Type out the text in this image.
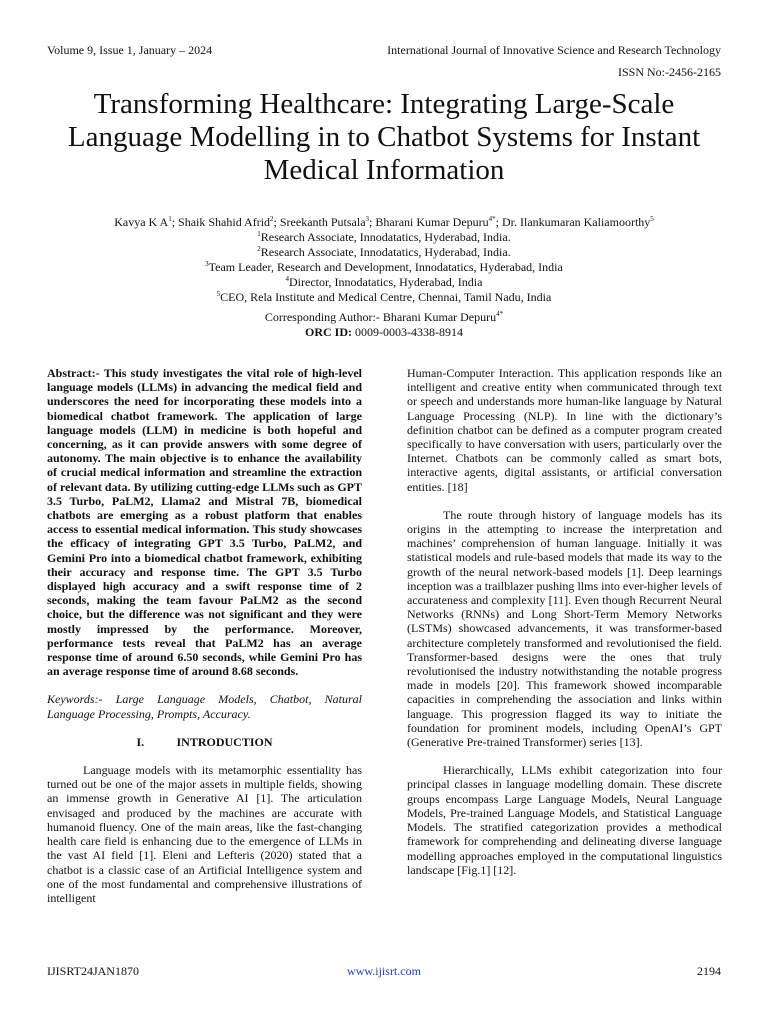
Volume 9, Issue 1, January – 2024	International Journal of Innovative Science and Research Technology
ISSN No:-2456-2165
Transforming Healthcare: Integrating Large-Scale Language Modelling in to Chatbot Systems for Instant Medical Information
Kavya K $A^1$; Shaik Shahid Afrid$^2$; Sreekanth Putsala$^3$; Bharani Kumar Depuru$^{4*}$; Dr. Ilankumaran Kaliamoorthy$^5$
$^1$Research Associate, Innodatatics, Hyderabad, India.
$^2$Research Associate, Innodatatics, Hyderabad, India.
$^3$Team Leader, Research and Development, Innodatatics, Hyderabad, India
$^4$Director, Innodatatics, Hyderabad, India
$^5$CEO, Rela Institute and Medical Centre, Chennai, Tamil Nadu, India
Corresponding Author:- Bharani Kumar Depuru$^{4*}$
ORC ID: 0009-0003-4338-8914

Abstract:- This study investigates the vital role of high-level language models (LLMs) in advancing the medical field and underscores the need for incorporating these models into a biomedical chatbot framework. The application of large language models (LLM) in medicine is both hopeful and concerning, as it can provide answers with some degree of autonomy. The main objective is to enhance the availability of crucial medical information and streamline the extraction of relevant data. By utilizing cutting-edge LLMs such as GPT 3.5 Turbo, PaLM2, Llama2 and Mistral 7B, biomedical chatbots are emerging as a robust platform that enables access to essential medical information. This study showcases the efficacy of integrating GPT 3.5 Turbo, PaLM2, and Gemini Pro into a biomedical chatbot framework, exhibiting their accuracy and response time. The GPT 3.5 Turbo displayed high accuracy and a swift response time of 2 seconds, making the team favour PaLM2 as the second choice, but the difference was not significant and they were mostly impressed by the performance. Moreover, performance tests reveal that PaLM2 has an average response time of around 6.50 seconds, while Gemini Pro has an average response time of around 8.68 seconds.

Keywords:- Large Language Models, Chatbot, Natural Language Processing, Prompts, Accuracy.

I.	INTRODUCTION

Language models with its metamorphic essentiality has turned out be one of the major assets in multiple fields, showing an immense growth in Generative AI [1]. The articulation envisaged and produced by the machines are accurate with humanoid fluency. One of the main areas, like the fast-changing health care field is enhancing due to the emergence of LLMs in the vast AI field [1]. Eleni and Lefteris (2020) stated that a chatbot is a classic case of an Artificial Intelligence system and one of the most fundamental and comprehensive illustrations of intelligent

Human-Computer Interaction. This application responds like an intelligent and creative entity when communicated through text or speech and understands more human-like language by Natural Language Processing (NLP). In line with the dictionary’s definition chatbot can be defined as a computer program created specifically to have conversation with users, particularly over the Internet. Chatbots can be commonly called as smart bots, interactive agents, digital assistants, or artificial conversation entities. [18]

The route through history of language models has its origins in the attempting to increase the interpretation and machines’ comprehension of human language. Initially it was statistical models and rule-based models that made its way to the growth of the neural network-based models [1]. Deep learnings inception was a trailblazer pushing llms into ever-higher levels of accurateness and complexity [11]. Even though Recurrent Neural Networks (RNNs) and Long Short-Term Memory Networks (LSTMs) showcased advancements, it was transformer-based architecture completely transformed and revolutionised the field. Transformer-based designs were the ones that truly revolutionised the industry notwithstanding the notable progress made in models [20]. This framework showed incomparable capacities in comprehending the association and links within language. This progression flagged its way to initiate the foundation for prominent models, including OpenAI’s GPT (Generative Pre-trained Transformer) series [13].

Hierarchically, LLMs exhibit categorization into four principal classes in language modelling domain. These discrete groups encompass Large Language Models, Neural Language Models, Pre-trained Language Models, and Statistical Language Models. The stratified categorization provides a methodical framework for comprehending and delineating diverse language modelling approaches employed in the computational linguistics landscape [Fig.1] [12].

IJISRT24JAN1870	www.ijisrt.com	2194
